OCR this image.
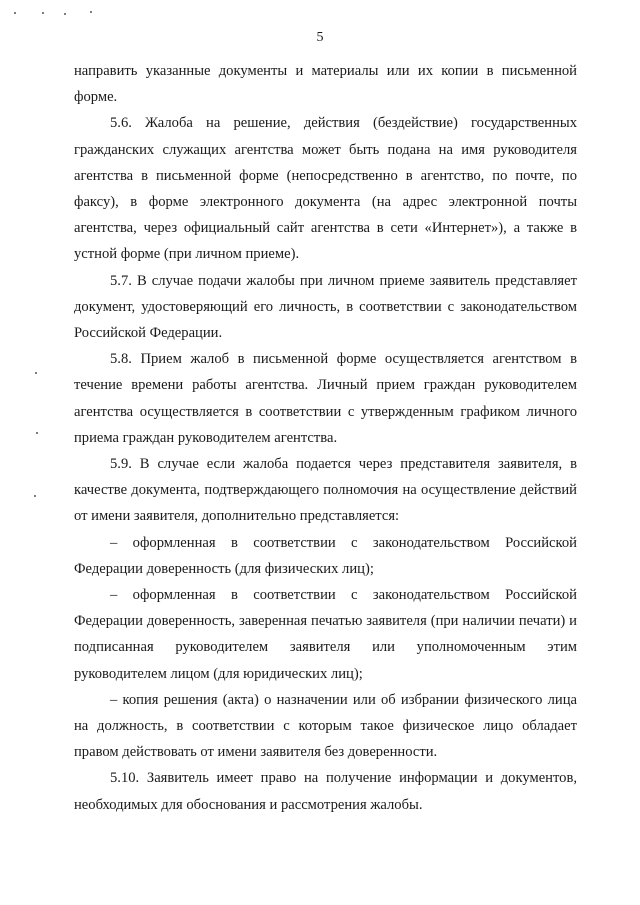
5

направить указанные документы и материалы или их копии в письменной форме.

5.6. Жалоба на решение, действия (бездействие) государственных гражданских служащих агентства может быть подана на имя руководителя агентства в письменной форме (непосредственно в агентство, по почте, по факсу), в форме электронного документа (на адрес электронной почты агентства, через официальный сайт агентства в сети «Интернет»), а также в устной форме (при личном приеме).

5.7. В случае подачи жалобы при личном приеме заявитель представляет документ, удостоверяющий его личность, в соответствии с законодательством Российской Федерации.

5.8. Прием жалоб в письменной форме осуществляется агентством в течение времени работы агентства. Личный прием граждан руководителем агентства осуществляется в соответствии с утвержденным графиком личного приема граждан руководителем агентства.

5.9. В случае если жалоба подается через представителя заявителя, в качестве документа, подтверждающего полномочия на осуществление действий от имени заявителя, дополнительно представляется:

– оформленная в соответствии с законодательством Российской Федерации доверенность (для физических лиц);

– оформленная в соответствии с законодательством Российской Федерации доверенность, заверенная печатью заявителя (при наличии печати) и подписанная руководителем заявителя или уполномоченным этим руководителем лицом (для юридических лиц);

– копия решения (акта) о назначении или об избрании физического лица на должность, в соответствии с которым такое физическое лицо обладает правом действовать от имени заявителя без доверенности.

5.10. Заявитель имеет право на получение информации и документов, необходимых для обоснования и рассмотрения жалобы.
